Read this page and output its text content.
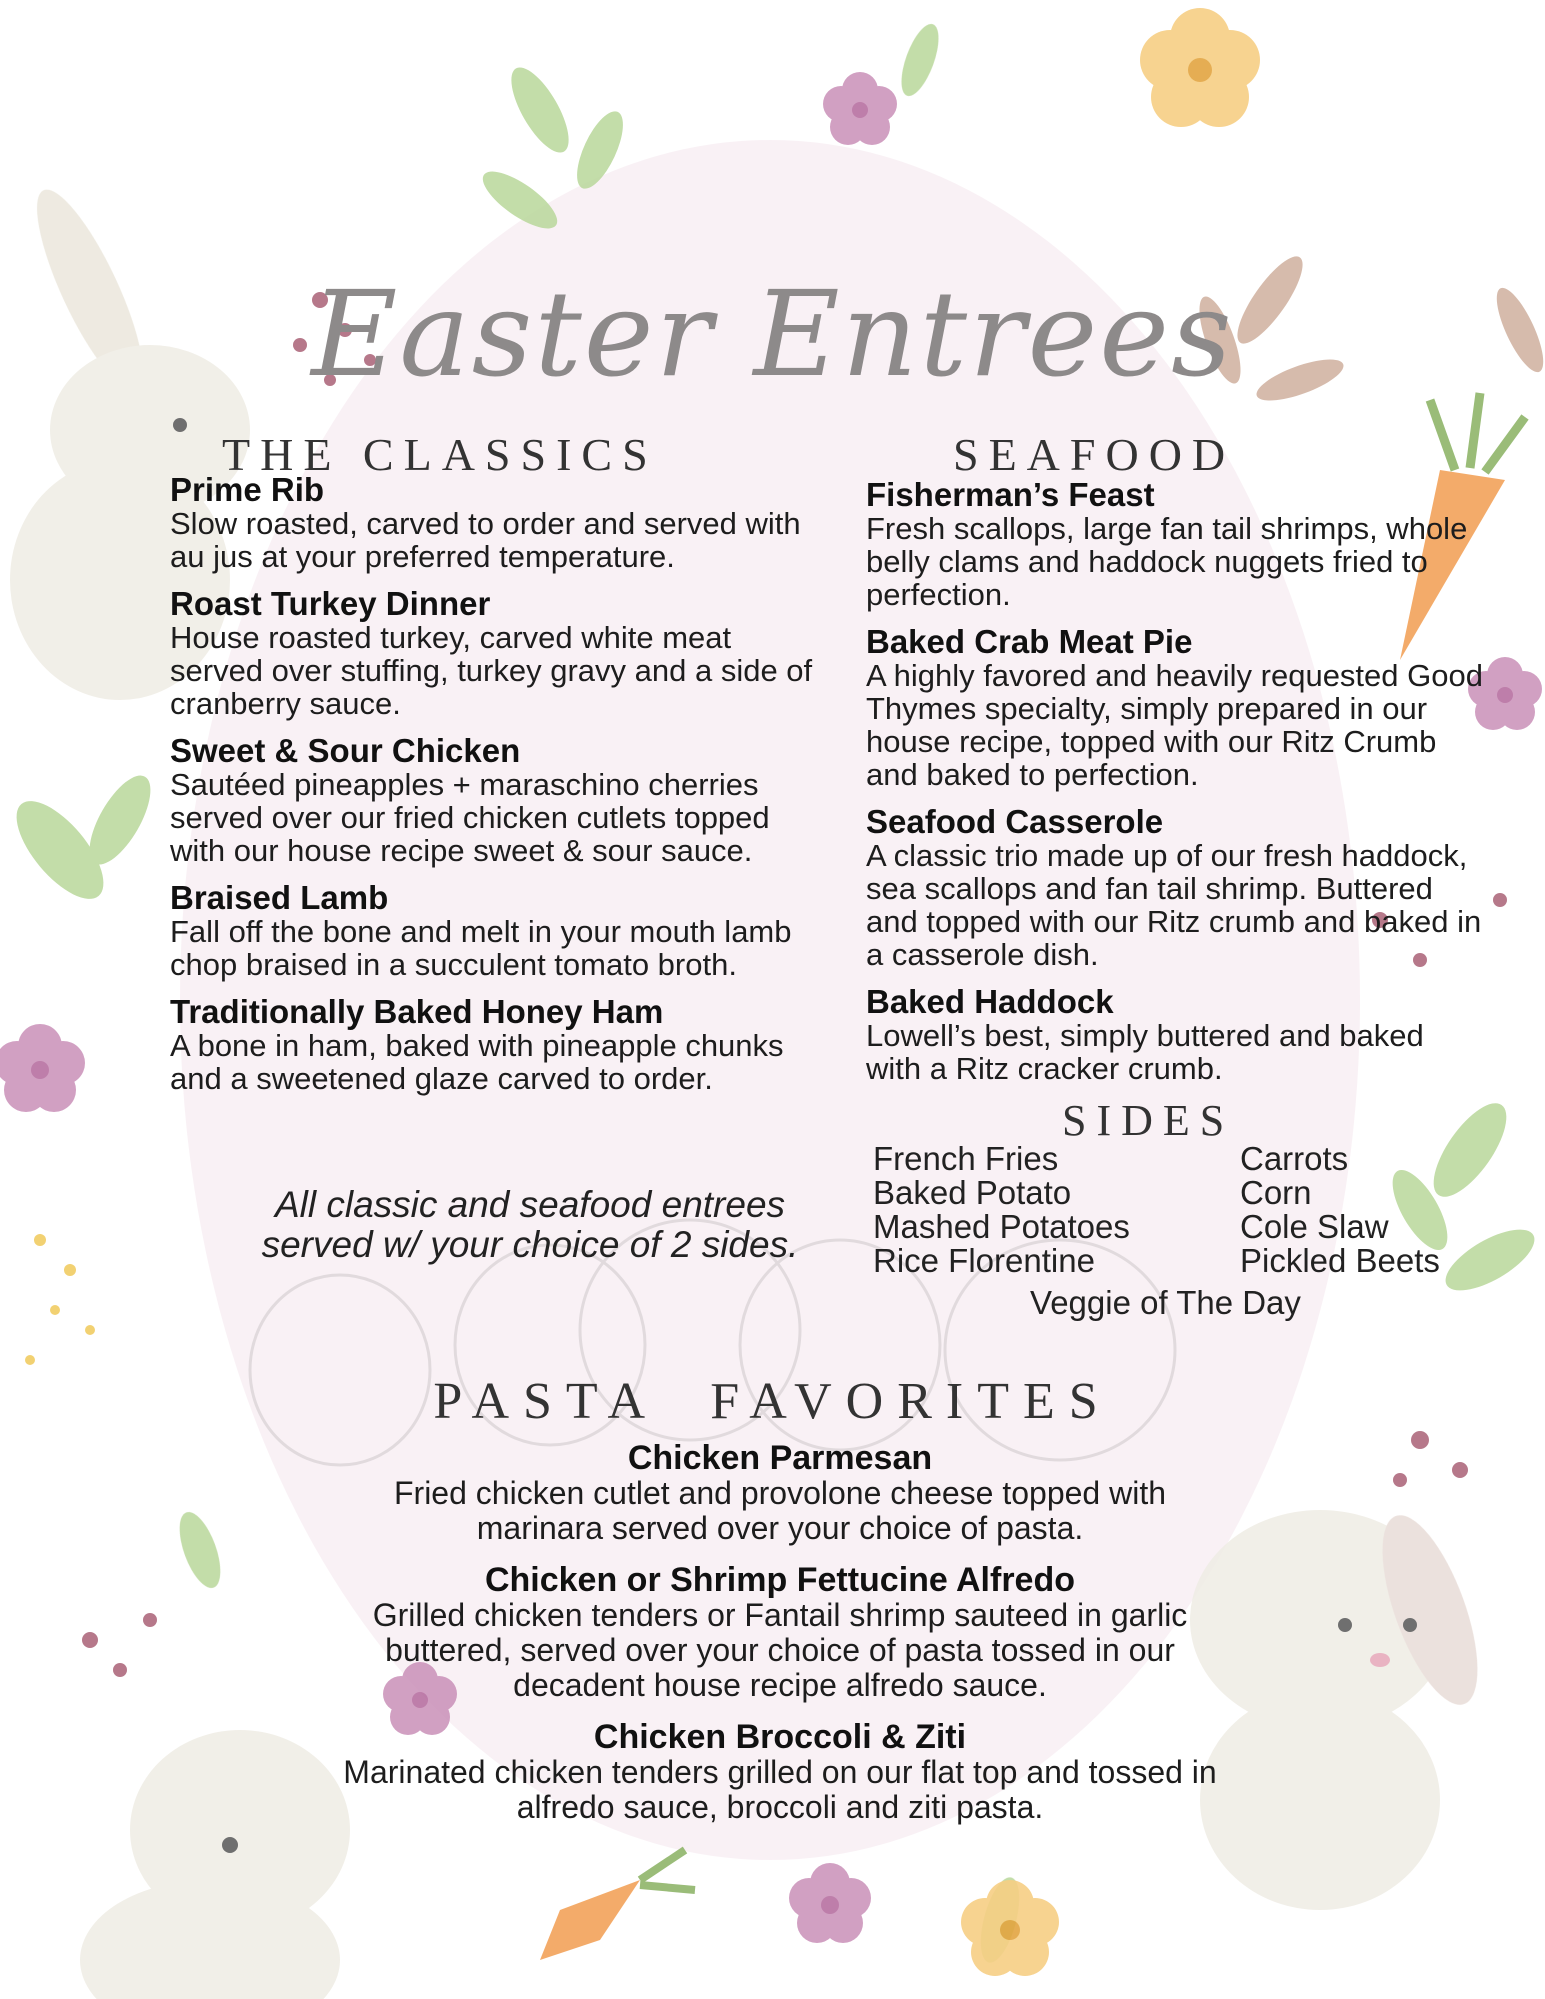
Easter Entrees
THE CLASSICS
Prime Rib
Slow roasted, carved to order and served with au jus at your preferred temperature.
Roast Turkey Dinner
House roasted turkey, carved white meat served over stuffing, turkey gravy and a side of cranberry sauce.
Sweet & Sour Chicken
Sautéed pineapples + maraschino cherries served over our fried chicken cutlets topped with our house recipe sweet & sour sauce.
Braised Lamb
Fall off the bone and melt in your mouth lamb chop braised in a succulent tomato broth.
Traditionally Baked Honey Ham
A bone in ham, baked with pineapple chunks and a sweetened glaze carved to order.
All classic and seafood entrees served w/ your choice of 2 sides.
SEAFOOD
Fisherman’s Feast
Fresh scallops, large fan tail shrimps, whole belly clams and haddock nuggets fried to perfection.
Baked Crab Meat Pie
A highly favored and heavily requested Good Thymes specialty, simply prepared in our house recipe, topped with our Ritz Crumb and baked to perfection.
Seafood Casserole
A classic trio made up of our fresh haddock, sea scallops and fan tail shrimp. Buttered and topped with our Ritz crumb and baked in a casserole dish.
Baked Haddock
Lowell’s best, simply buttered and baked with a Ritz cracker crumb.
SIDES
French Fries
Baked Potato
Mashed Potatoes
Rice Florentine
Carrots
Corn
Cole Slaw
Pickled Beets
Veggie of The Day
PASTA  FAVORITES
Chicken Parmesan
Fried chicken cutlet and provolone cheese topped with marinara served over your choice of pasta.
Chicken or Shrimp Fettucine Alfredo
Grilled chicken tenders or Fantail shrimp sauteed in garlic buttered, served over your choice of pasta tossed in our decadent house recipe alfredo sauce.
Chicken Broccoli & Ziti
Marinated chicken tenders grilled on our flat top and tossed in alfredo sauce, broccoli and ziti pasta.
